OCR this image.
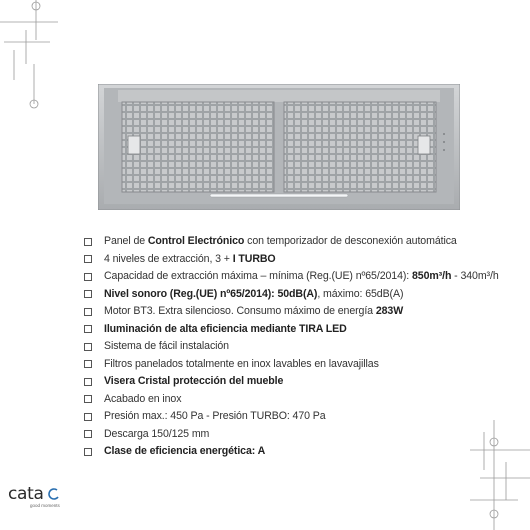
Panel de Control Electrónico con temporizador de desconexión automática
4 niveles de extracción, 3 + I TURBO
Capacidad de extracción máxima – mínima (Reg.(UE) nº65/2014): 850m³/h - 340m³/h
Nivel sonoro (Reg.(UE) nº65/2014): 50dB(A), máximo: 65dB(A)
Motor BT3. Extra silencioso. Consumo máximo de energía 283W
Iluminación de alta eficiencia mediante TIRA LED
Sistema de fácil instalación
Filtros panelados totalmente en inox lavables en lavavajillas
Visera Cristal protección del mueble
Acabado en inox
Presión max.: 450 Pa - Presión TURBO: 470 Pa
Descarga 150/125 mm
Clase de eficiencia energética: A
cata
good moments
